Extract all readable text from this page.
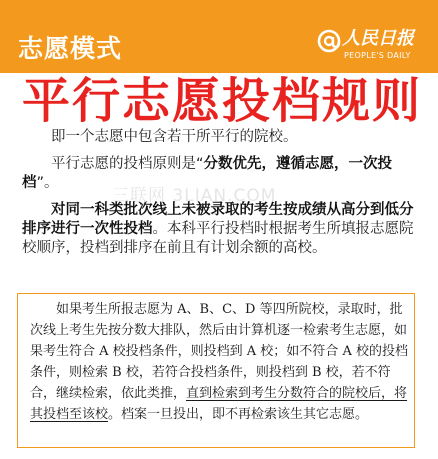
志愿模式	人民日报
PEOPLE'S DAILY
平行志愿投档规则

即一个志愿中包含若干所平行的院校。

平行志愿的投档原则是“分数优先，遵循志愿，一次投档”。

对同一科类批次线上未被录取的考生按成绩从高分到低分排序进行一次性投档。本科平行投档时根据考生所填报志愿院校顺序，投档到排序在前且有计划余额的高校。

三联网 3LIAN.COM
如果考生所报志愿为 A、B、C、D 等四所院校，录取时，批次线上考生先按分数大排队，然后由计算机逐一检索考生志愿，如果考生符合 A 校投档条件，则投档到 A 校；如不符合 A 校的投档条件，则检索 B 校，若符合投档条件，则投档到 B 校，若不符合，继续检索，依此类推，直到检索到考生分数符合的院校后，将其投档至该校。档案一旦投出，即不再检索该生其它志愿。
